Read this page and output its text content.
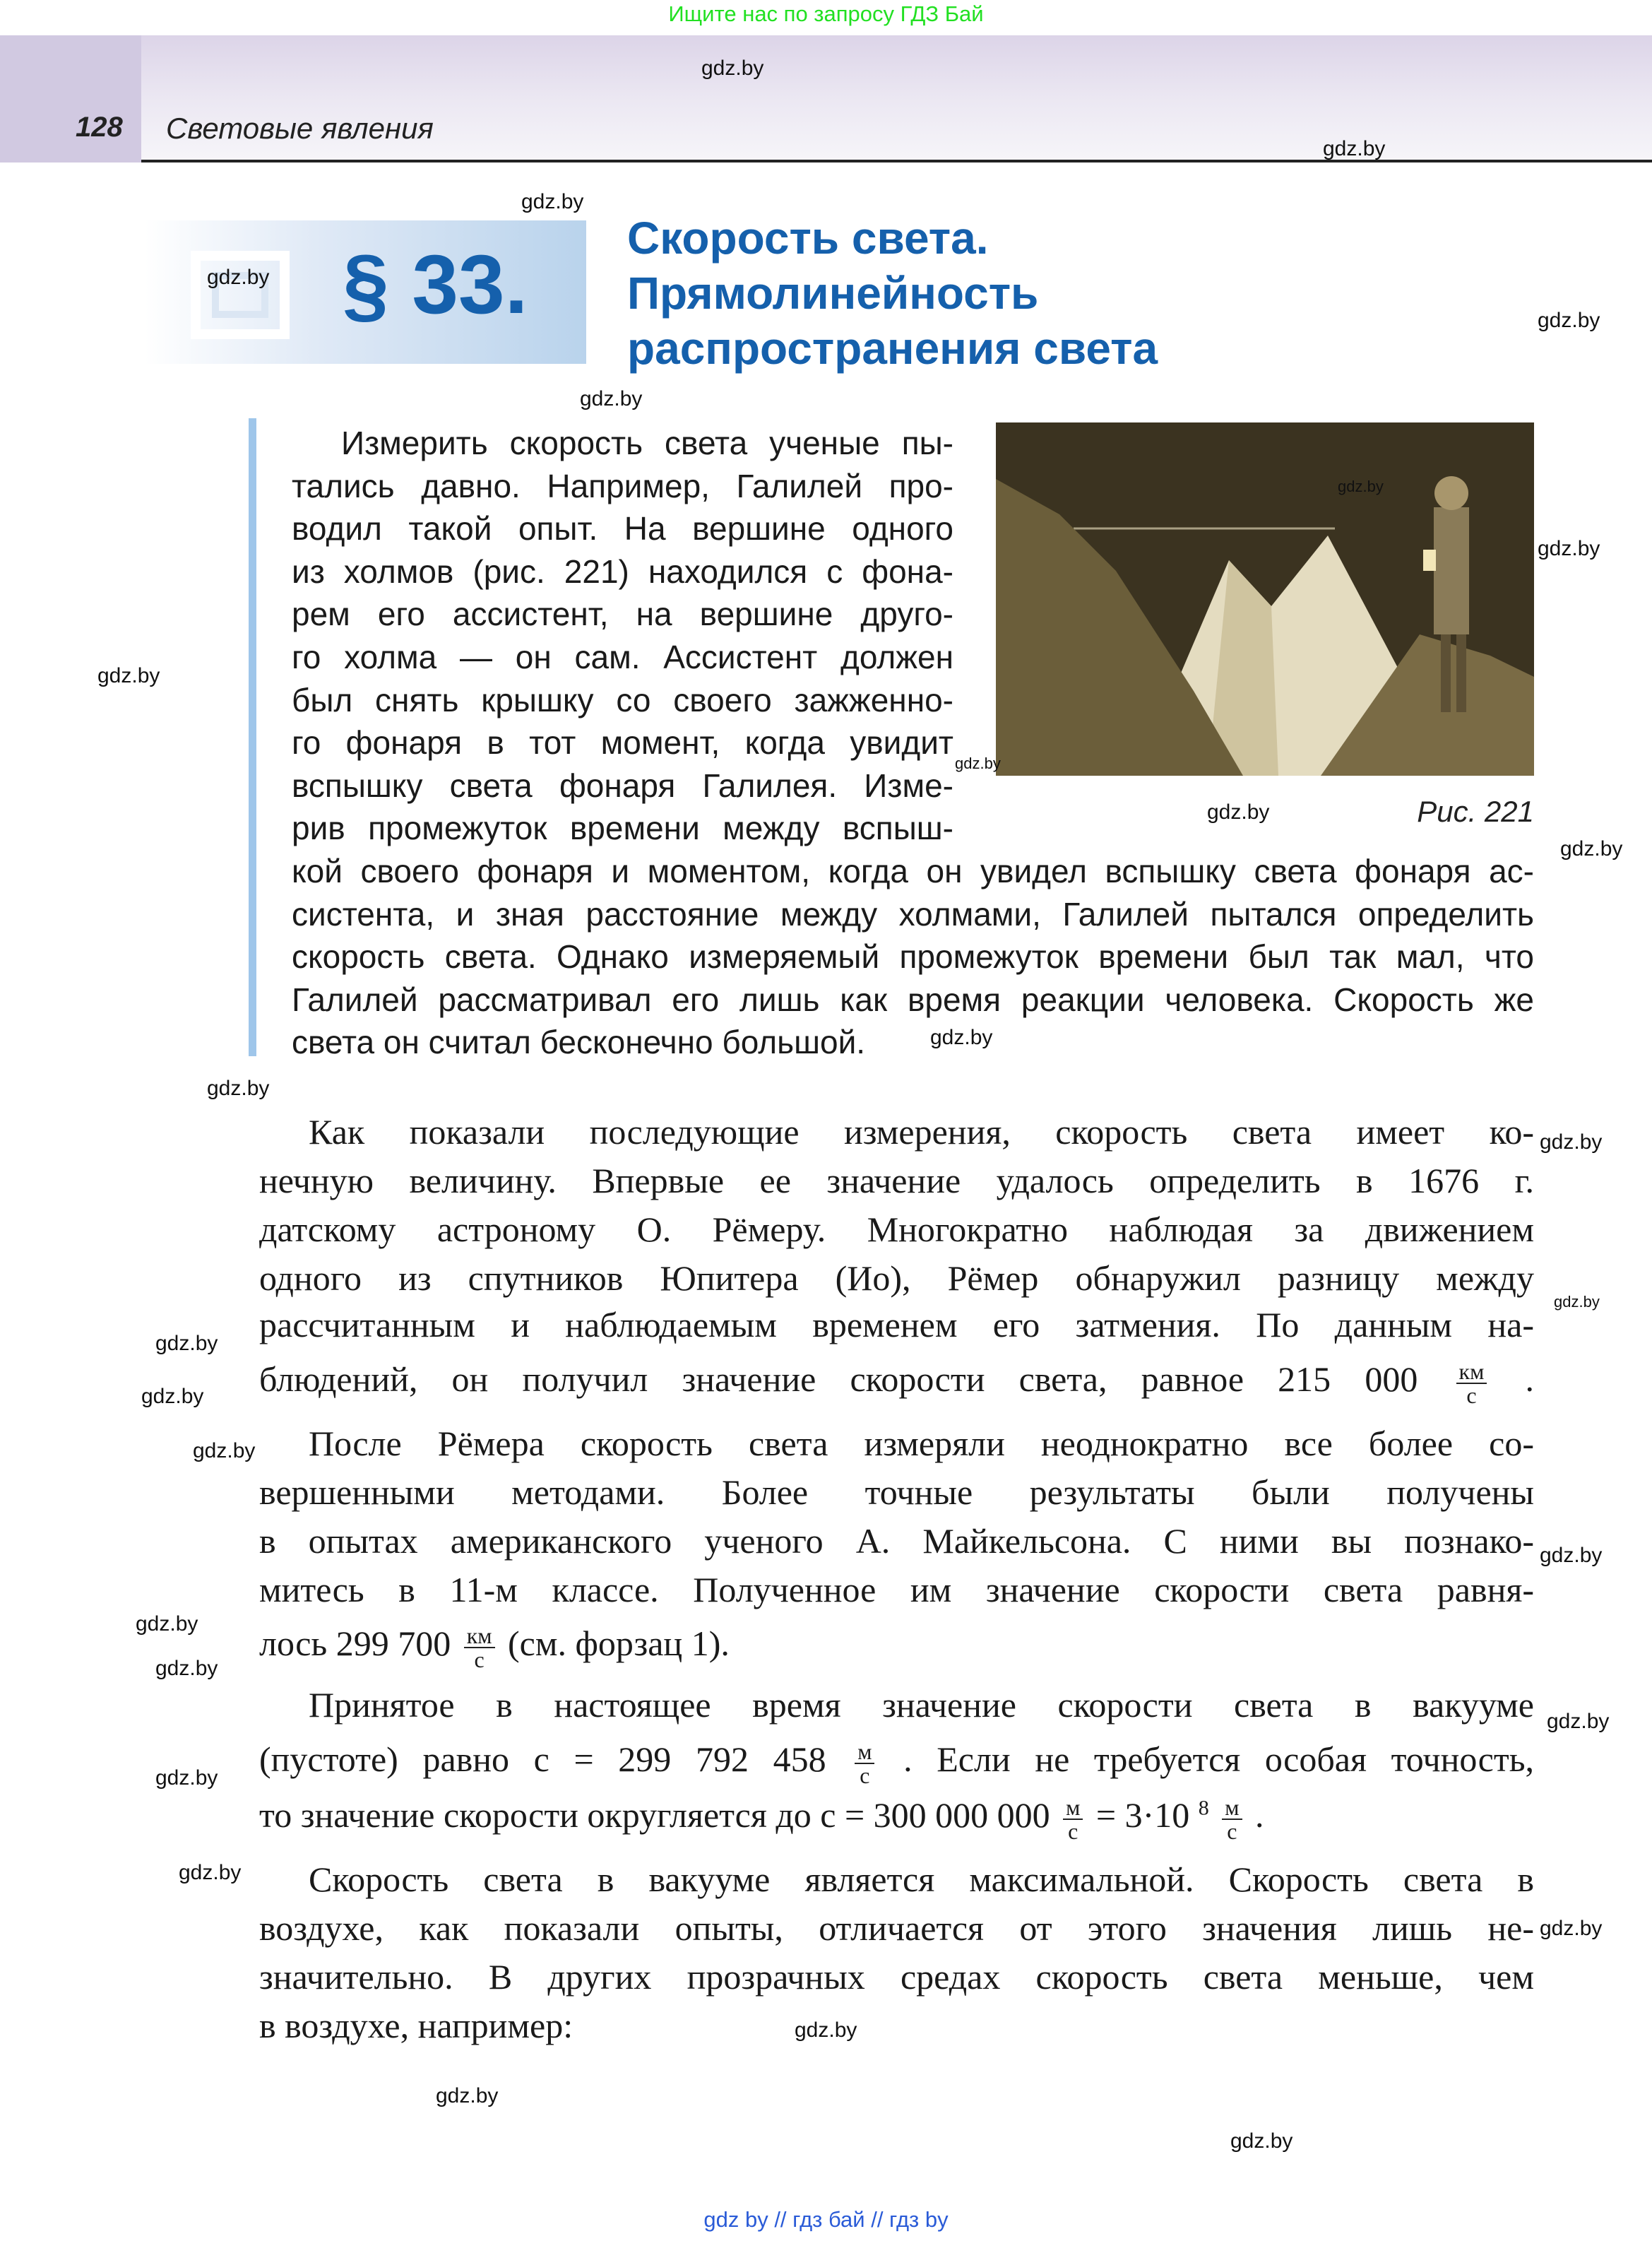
Ищите нас по запросу ГДЗ Бай
128 Световые явления
§ 33. Скорость света.
Прямолинейность
распространения света
Измерить скорость света ученые пы-
тались давно. Например, Галилей про-
водил такой опыт. На вершине одного
из холмов (рис. 221) находился с фона-
рем его ассистент, на вершине друго-
го холма — он сам. Ассистент должен
был снять крышку со своего зажженно-
го фонаря в тот момент, когда увидит
вспышку света фонаря Галилея. Изме-
рив промежуток времени между вспыш-
кой своего фонаря и моментом, когда он увидел вспышку света фонаря ас-
систента, и зная расстояние между холмами, Галилей пытался определить
скорость света. Однако измеряемый промежуток времени был так мал, что
Галилей рассматривал его лишь как время реакции человека. Скорость же
света он считал бесконечно большой.
Рис. 221
Как показали последующие измерения, скорость света имеет ко-
нечную величину. Впервые ее значение удалось определить в 1676 г.
датскому астроному О. Рёмеру. Многократно наблюдая за движением
одного из спутников Юпитера (Ио), Рёмер обнаружил разницу между
рассчитанным и наблюдаемым временем его затмения. По данным на-
блюдений, он получил значение скорости света, равное 215 $000 \frac{км}{с}$ .
После Рёмера скорость света измеряли неоднократно все более со-
вершенными методами. Более точные результаты были получены
в опытах американского ученого А. Майкельсона. С ними вы познако-
митесь в 11-м классе. Полученное им значение скорости света равня-
лось 299 $700 \frac{км}{с} (см$. форзац 1).
Принятое в настоящее время значение скорости света в вакууме
(пустоте) равно c = 299 792 $458 \frac{м}{с}$ . Если не требуется особая точность,
то значение скорости округляется до c = 300 000 $000 \frac{м}{с} = 3\cdot 10$ $^8 \frac{м}{с}$ .
Скорость света в вакууме является максимальной. Скорость света в
воздухе, как показали опыты, отличается от этого значения лишь не-
значительно. В других прозрачных средах скорость света меньше, чем
в воздухе, например:
gdz.by
gdz.by
gdz.by
gdz.by
gdz.by
gdz.by
gdz.by
gdz.by
gdz.by
gdz.by
gdz.by
gdz.by
gdz.by
gdz.by
gdz.by
gdz.by
gdz.by
gdz.by
gdz.by
gdz.by
gdz.by
gdz.by
gdz.by
gdz.by
gdz.by
gdz.by
gdz.by
gdz.by
gdz.by
gdz by // гдз бай // гдз by
